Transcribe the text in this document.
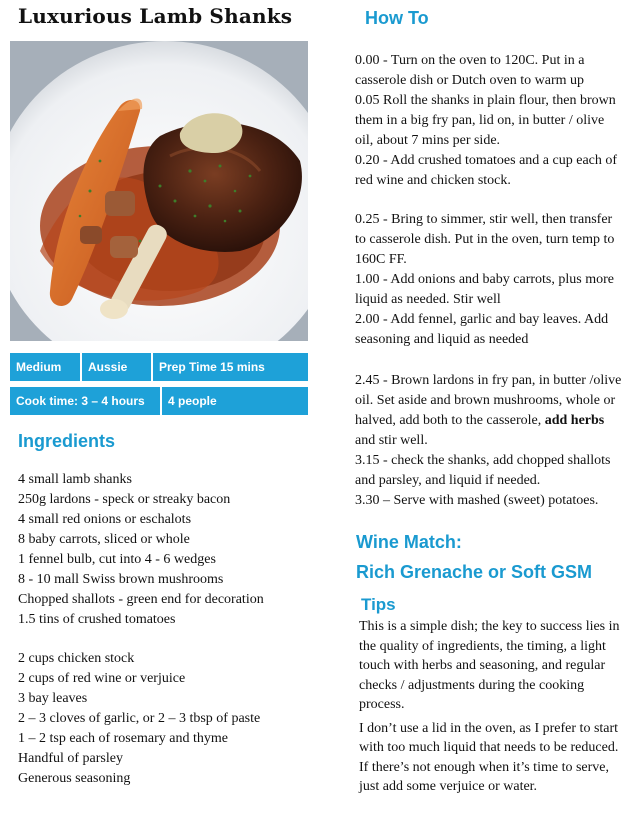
Luxurious Lamb Shanks
Medium	Aussie	Prep Time 15 mins
Cook time: 3 – 4 hours	4 people
Ingredients
4 small lamb shanks
250g lardons - speck or streaky bacon
4 small red onions or eschalots
8 baby carrots, sliced or whole
1 fennel bulb, cut into 4 - 6 wedges
8 - 10 mall Swiss brown mushrooms
Chopped shallots - green end for decoration
1.5 tins of crushed tomatoes
2 cups chicken stock
2 cups of red wine or verjuice
3 bay leaves
2 – 3 cloves of garlic, or 2 – 3 tbsp of paste
1 – 2 tsp each of rosemary and thyme
Handful of parsley
Generous seasoning
How To

0.00 - Turn on the oven to 120C. Put in a casserole dish or Dutch oven to warm up

0.05 Roll the shanks in plain flour, then brown them in a big fry pan, lid on, in butter / olive oil, about 7 mins per side.

0.20 - Add crushed tomatoes and a cup each of red wine and chicken stock.

0.25 - Bring to simmer, stir well, then transfer to casserole dish. Put in the oven, turn temp to 160C FF.

1.00 - Add onions and baby carrots, plus more liquid as needed. Stir well

2.00 - Add fennel, garlic and bay leaves. Add seasoning and liquid as needed

2.45 - Brown lardons in fry pan, in butter /olive oil. Set aside and brown mushrooms, whole or halved, add both to the casserole, add herbs and stir well.

3.15 - check the shanks, add chopped shallots and parsley, and liquid if needed.

3.30 – Serve with mashed (sweet) potatoes.

Wine Match:
Rich Grenache or Soft GSM
Tips

This is a simple dish; the key to success lies in the quality of ingredients, the timing, a light touch with herbs and seasoning, and regular checks / adjustments during the cooking process.

I don’t use a lid in the oven, as I prefer to start with too much liquid that needs to be reduced. If there’s not enough when it’s time to serve, just add some verjuice or water.
